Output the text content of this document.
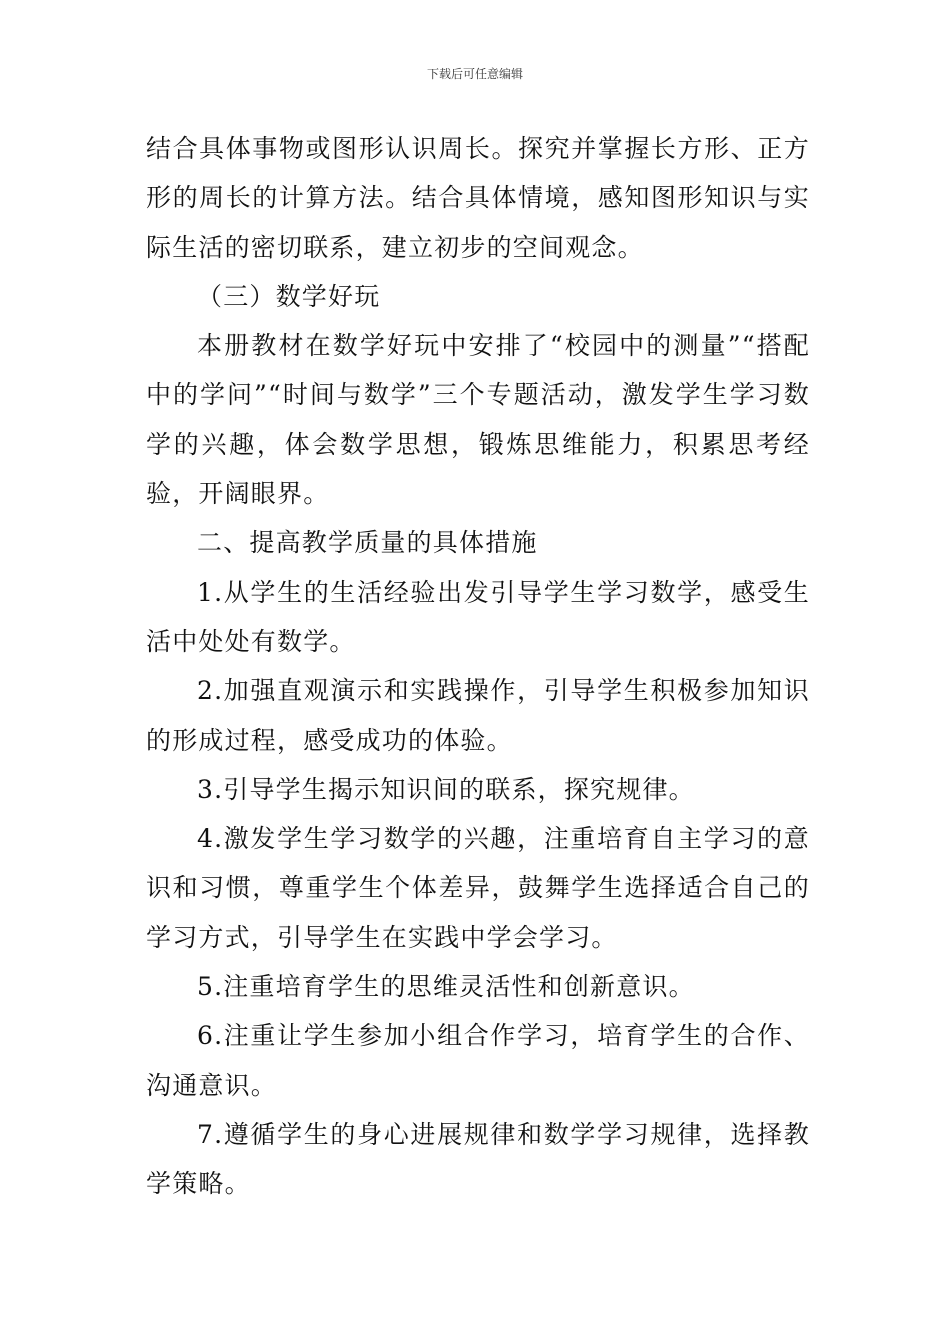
下载后可任意编辑

结合具体事物或图形认识周长。探究并掌握长方形、正方形的周长的计算方法。结合具体情境，感知图形知识与实际生活的密切联系，建立初步的空间观念。

（三）数学好玩

本册教材在数学好玩中安排了“校园中的测量”“搭配中的学问”“时间与数学”三个专题活动，激发学生学习数学的兴趣，体会数学思想，锻炼思维能力，积累思考经验，开阔眼界。

二、提高教学质量的具体措施

1.从学生的生活经验出发引导学生学习数学，感受生活中处处有数学。

2.加强直观演示和实践操作，引导学生积极参加知识的形成过程，感受成功的体验。

3.引导学生揭示知识间的联系，探究规律。

4.激发学生学习数学的兴趣，注重培育自主学习的意识和习惯，尊重学生个体差异，鼓舞学生选择适合自己的学习方式，引导学生在实践中学会学习。

5.注重培育学生的思维灵活性和创新意识。

6.注重让学生参加小组合作学习，培育学生的合作、沟通意识。

7.遵循学生的身心进展规律和数学学习规律，选择教学策略。
